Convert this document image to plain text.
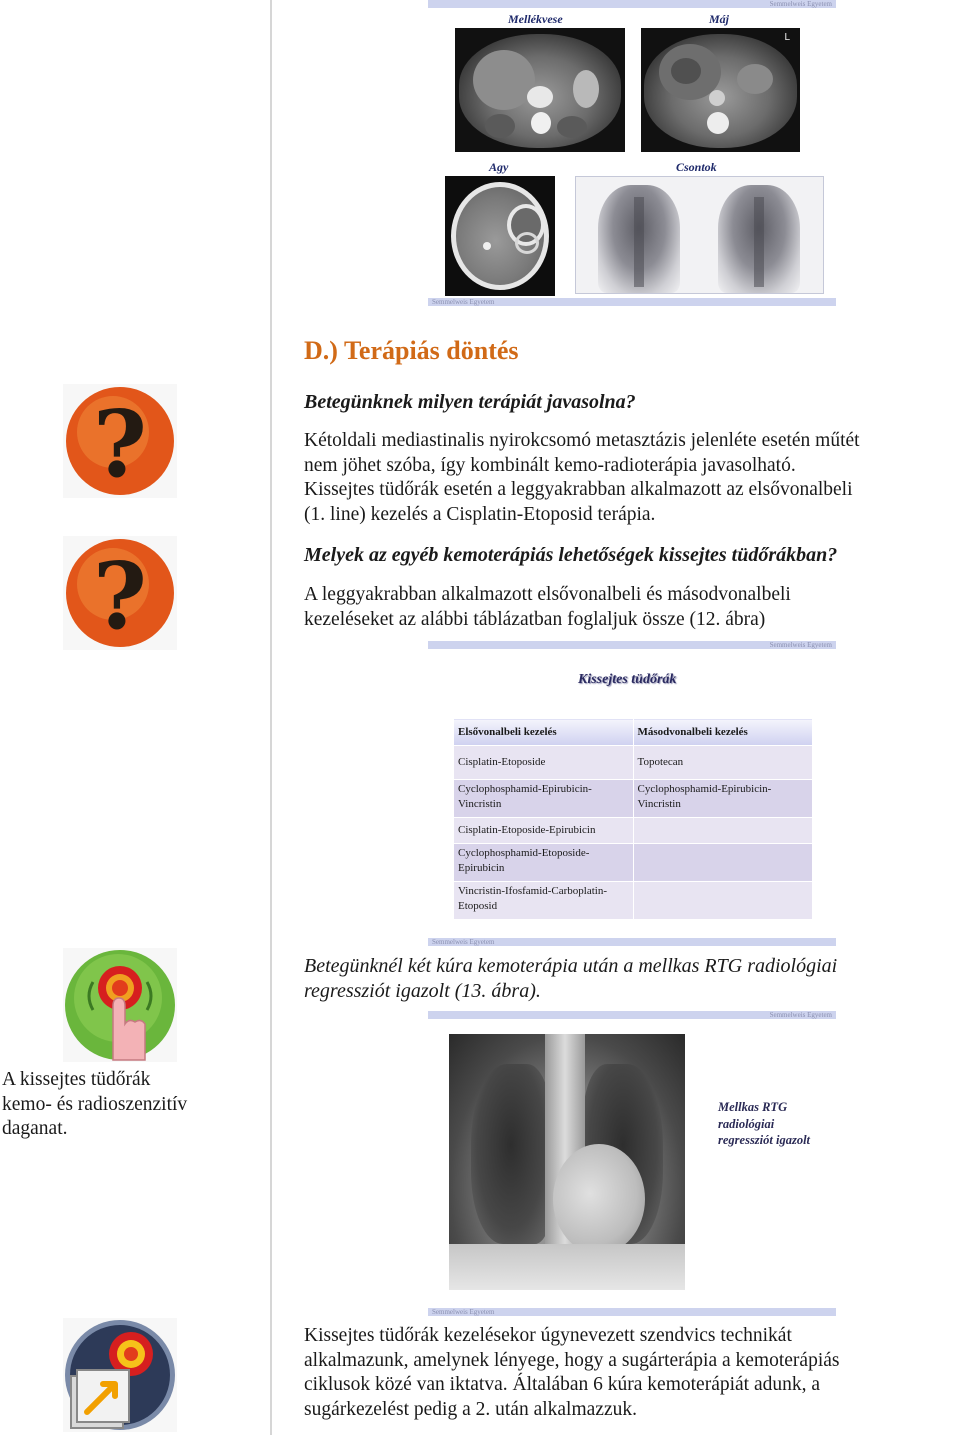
Semmelweis Egyetem
Mellékvese	Máj
L
Agy	Csontok
Semmelweis Egyetem
D.) Terápiás döntés
?
?
Betegünknek milyen terápiát javasolna?
Kétoldali mediastinalis nyirokcsomó metasztázis jelenléte esetén műtét
nem jöhet szóba, így kombinált kemo-radioterápia javasolható.
Kissejtes tüdőrák esetén a leggyakrabban alkalmazott az elsővonalbeli
(1. line) kezelés a Cisplatin-Etoposid terápia.
Melyek az egyéb kemoterápiás lehetőségek kissejtes tüdőrákban?
A leggyakrabban alkalmazott elsővonalbeli és másodvonalbeli
kezeléseket az alábbi táblázatban foglaljuk össze (12. ábra)
Semmelweis Egyetem
Kissejtes tüdőrák
Elsővonalbeli kezelés	Másodvonalbeli kezelés
Cisplatin-Etoposide	Topotecan
Cyclophosphamid-Epirubicin-Vincristin	Cyclophosphamid-Epirubicin-Vincristin
Cisplatin-Etoposide-Epirubicin	
Cyclophosphamid-Etoposide-Epirubicin	
Vincristin-Ifosfamid-Carboplatin-Etoposid	
Semmelweis Egyetem
Betegünknél két kúra kemoterápia után a mellkas RTG radiológiai
regressziót igazolt (13. ábra).
Semmelweis Egyetem
A kissejtes tüdőrák
kemo- és radioszenzitív
daganat.
Mellkas RTG
radiológiai
regressziót igazolt
Semmelweis Egyetem
Kissejtes tüdőrák kezelésekor úgynevezett szendvics technikát
alkalmazunk, amelynek lényege, hogy a sugárterápia a kemoterápiás
ciklusok közé van iktatva. Általában 6 kúra kemoterápiát adunk, a
sugárkezelést pedig a 2. után alkalmazzuk.
